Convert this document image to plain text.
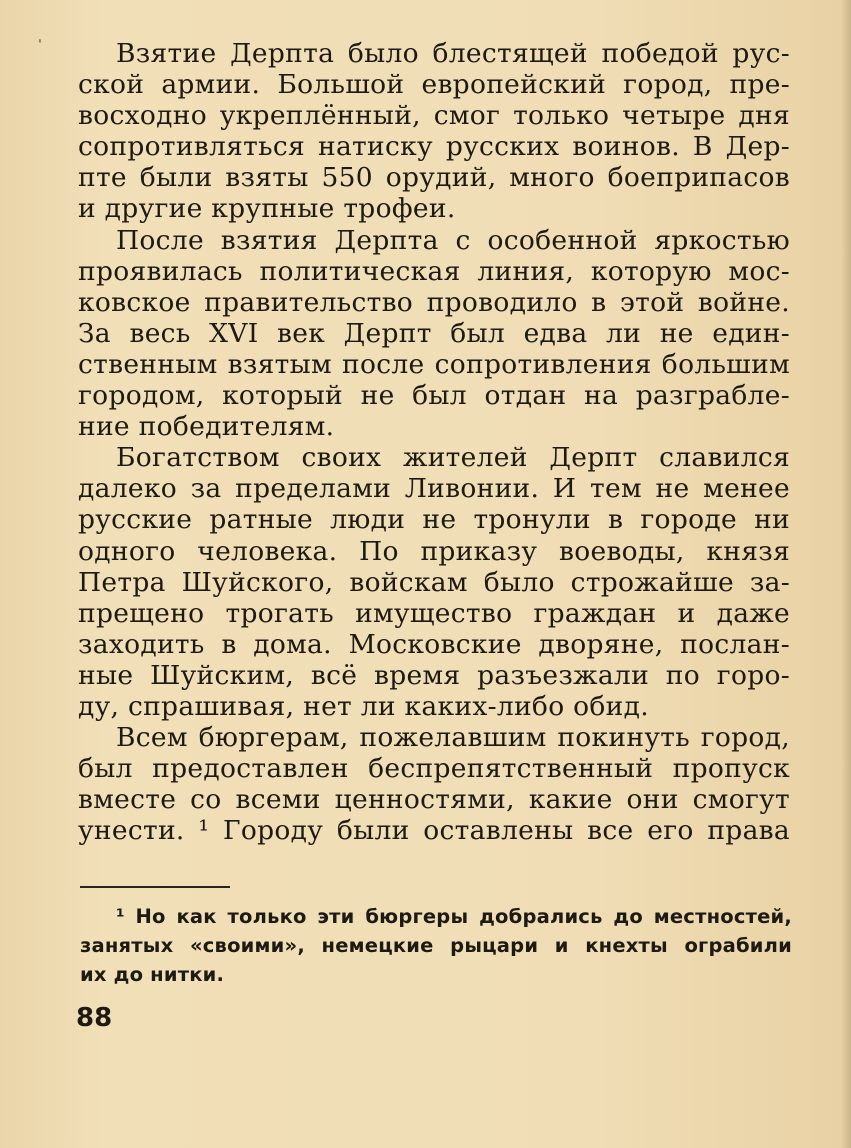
ˈ	Взятие Дерпта было блестящей победой рус-
ской армии. Большой европейский город, пре-
восходно укреплённый, смог только четыре дня
сопротивляться натиску русских воинов. В Дер-
пте были взяты 550 орудий, много боеприпасов
и другие крупные трофеи.
После взятия Дерпта с особенной яркостью
проявилась политическая линия, которую мос-
ковское правительство проводило в этой войне.
За весь XVI век Дерпт был едва ли не един-
ственным взятым после сопротивления большим
городом, который не был отдан на разграбле-
ние победителям.
Богатством своих жителей Дерпт славился
далеко за пределами Ливонии. И тем не менее
русские ратные люди не тронули в городе ни
одного человека. По приказу воеводы, князя
Петра Шуйского, войскам было строжайше за-
прещено трогать имущество граждан и даже
заходить в дома. Московские дворяне, послан-
ные Шуйским, всё время разъезжали по горо-
ду, спрашивая, нет ли каких-либо обид.
Всем бюргерам, пожелавшим покинуть город,
был предоставлен беспрепятственный пропуск
вместе со всеми ценностями, какие они смогут
унести. ¹ Городу были оставлены все его права
¹ Но как только эти бюргеры добрались до местностей,
занятых «своими», немецкие рыцари и кнехты ограбили
их до нитки.
88
